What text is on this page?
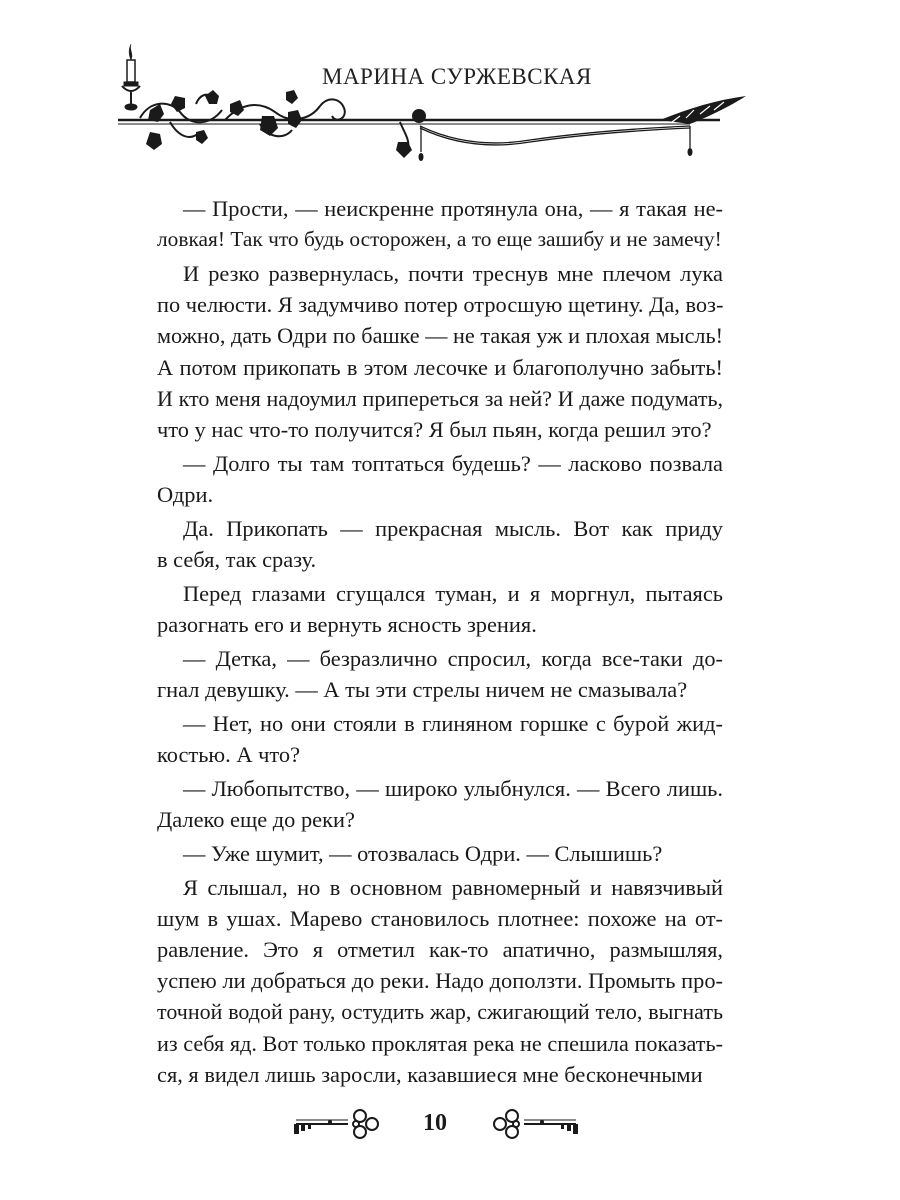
МАРИНА СУРЖЕВСКАЯ
— Прости, — неискренне протянула она, — я такая не-
ловкая! Так что будь осторожен, а то еще зашибу и не замечу!
И резко развернулась, почти треснув мне плечом лука
по челюсти. Я задумчиво потер отросшую щетину. Да, воз-
можно, дать Одри по башке — не такая уж и плохая мысль!
А потом прикопать в этом лесочке и благополучно забыть!
И кто меня надоумил припереться за ней? И даже подумать,
что у нас что-то получится? Я был пьян, когда решил это?
— Долго ты там топтаться будешь? — ласково позвала
Одри.
Да. Прикопать — прекрасная мысль. Вот как приду
в себя, так сразу.
Перед глазами сгущался туман, и я моргнул, пытаясь
разогнать его и вернуть ясность зрения.
— Детка, — безразлично спросил, когда все-таки до-
гнал девушку. — А ты эти стрелы ничем не смазывала?
— Нет, но они стояли в глиняном горшке с бурой жид-
костью. А что?
— Любопытство, — широко улыбнулся. — Всего лишь.
Далеко еще до реки?
— Уже шумит, — отозвалась Одри. — Слышишь?
Я слышал, но в основном равномерный и навязчивый
шум в ушах. Марево становилось плотнее: похоже на от-
равление. Это я отметил как-то апатично, размышляя,
успею ли добраться до реки. Надо доползти. Промыть про-
точной водой рану, остудить жар, сжигающий тело, выгнать
из себя яд. Вот только проклятая река не спешила показать-
ся, я видел лишь заросли, казавшиеся мне бесконечными
10
